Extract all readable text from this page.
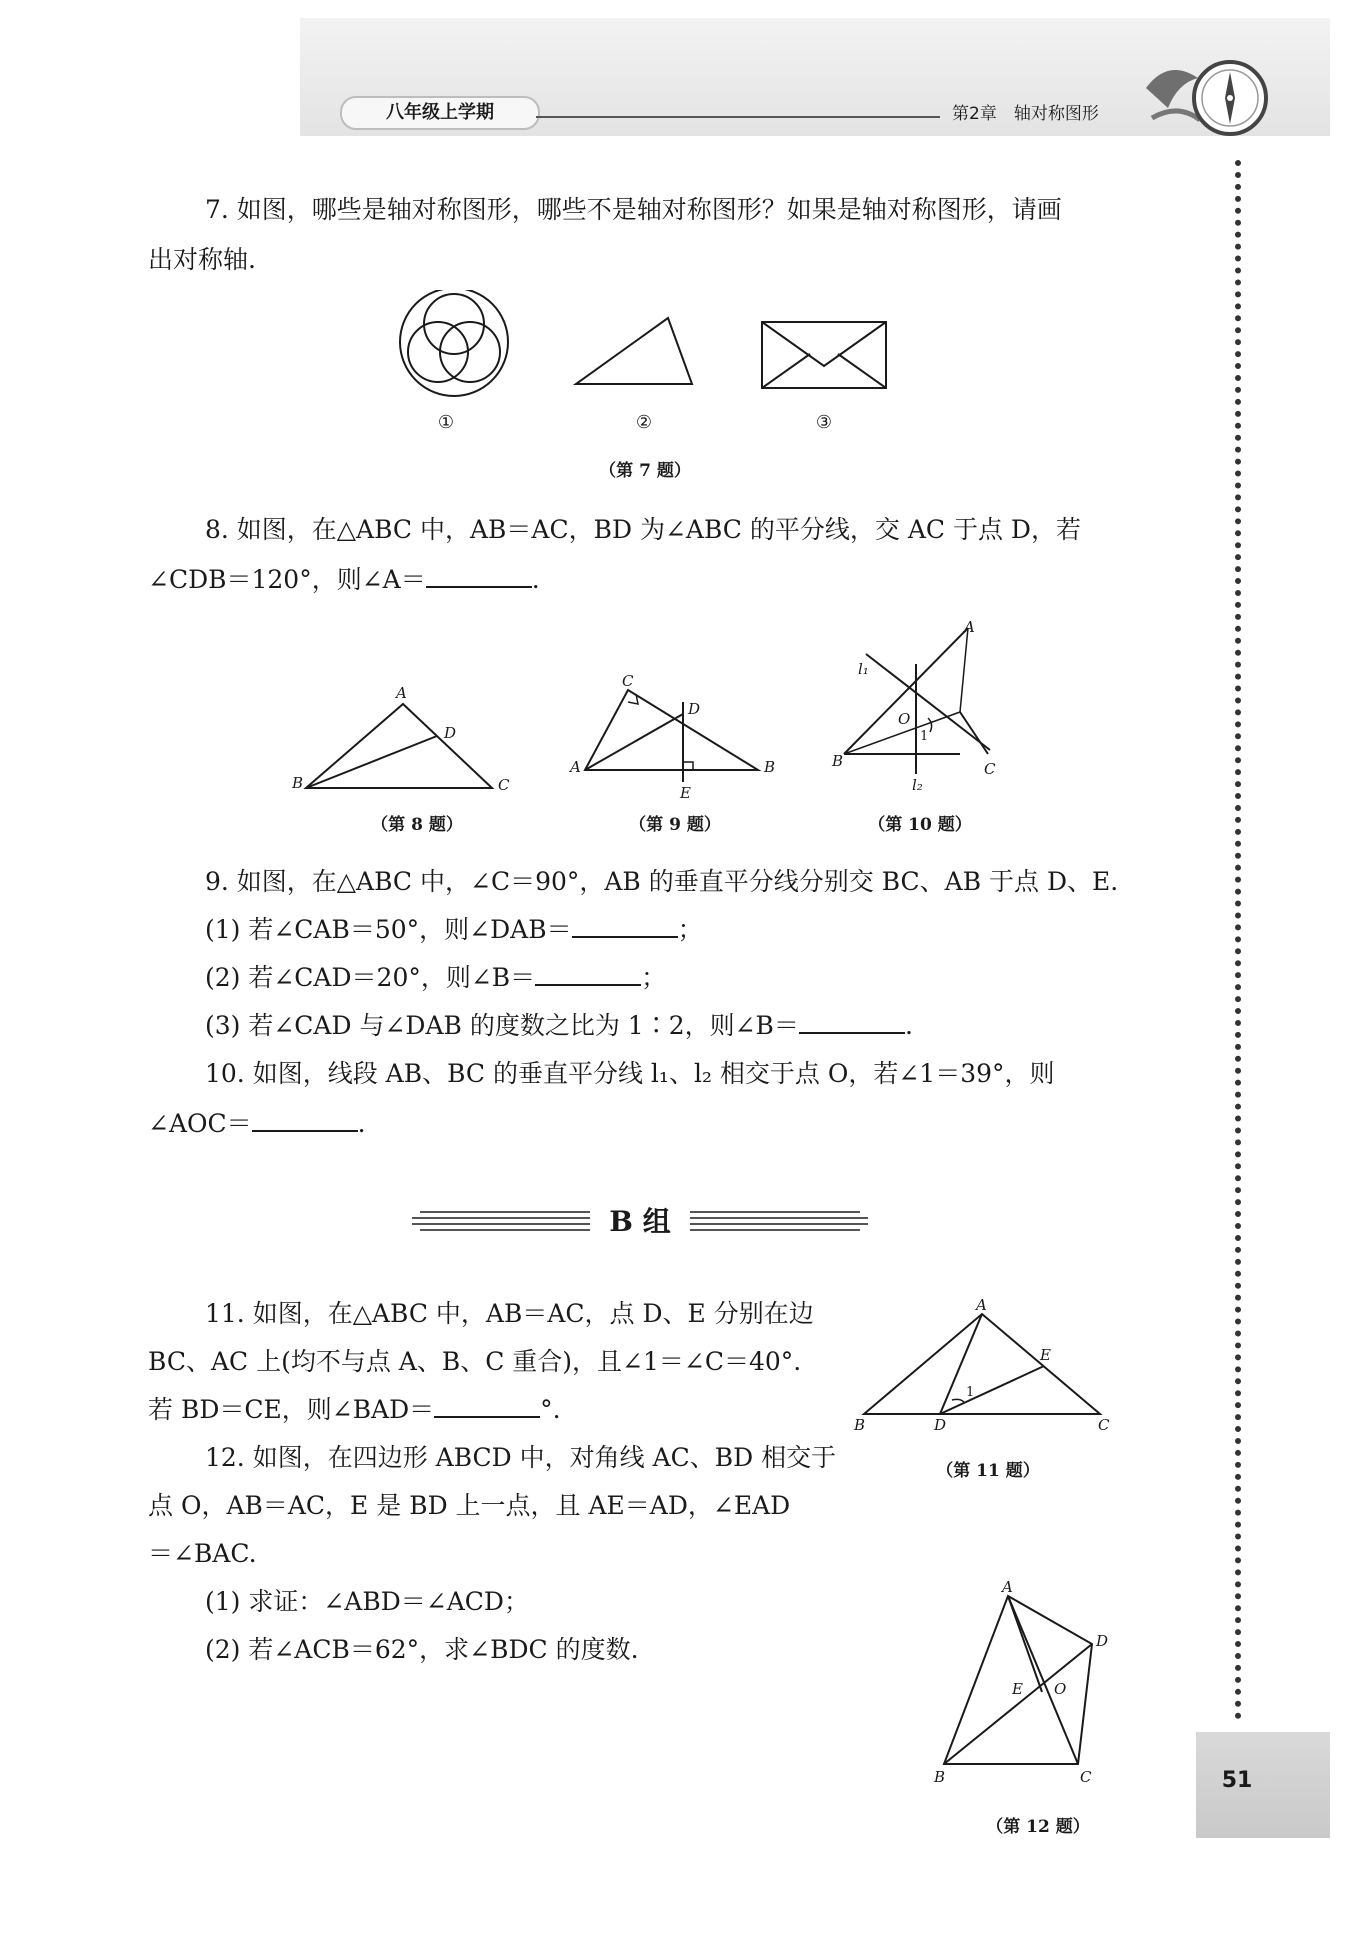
八年级上学期	第2章　轴对称图形
51
7. 如图，哪些是轴对称图形，哪些不是轴对称图形？如果是轴对称图形，请画
出对称轴.
①	②	③
（第 7 题）
8. 如图，在△ABC 中，AB＝AC，BD 为∠ABC 的平分线，交 AC 于点 D，若
∠CDB＝120°，则∠A＝	.
A
B	C
D
C
A	B
D
E
A
B	C
O
1
l₁
l₂
（第 8 题）	（第 9 题）	（第 10 题）
9. 如图，在△ABC 中，∠C＝90°，AB 的垂直平分线分别交 BC、AB 于点 D、E.
(1) 若∠CAB＝50°，则∠DAB＝	；
(2) 若∠CAD＝20°，则∠B＝	；
(3) 若∠CAD 与∠DAB 的度数之比为 1∶2，则∠B＝	.
10. 如图，线段 AB、BC 的垂直平分线 l₁、l₂ 相交于点 O，若∠1＝39°，则
∠AOC＝	.
B 组
11. 如图，在△ABC 中，AB＝AC，点 D、E 分别在边
BC、AC 上(均不与点 A、B、C 重合)，且∠1＝∠C＝40°.
若 BD＝CE，则∠BAD＝	°.
A
B	C
D
E
1
（第 11 题）
12. 如图，在四边形 ABCD 中，对角线 AC、BD 相交于
点 O，AB＝AC，E 是 BD 上一点，且 AE＝AD，∠EAD
＝∠BAC.
(1) 求证：∠ABD＝∠ACD；
(2) 若∠ACB＝62°，求∠BDC 的度数.
A
B	C
D
E O
（第 12 题）
